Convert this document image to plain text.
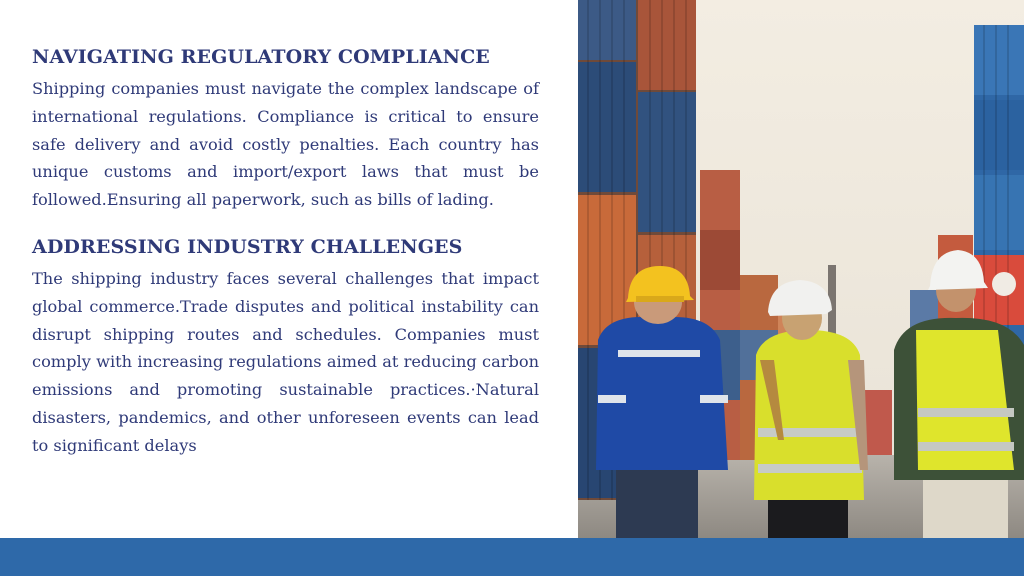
NAVIGATING REGULATORY COMPLIANCE

Shipping companies must navigate the complex landscape of international regulations. Compliance is critical to ensure safe delivery and avoid costly penalties. Each country has unique customs and import/export laws that must be followed.Ensuring all paperwork, such as bills of lading.

ADDRESSING INDUSTRY CHALLENGES

The shipping industry faces several challenges that impact global commerce.Trade disputes and political instability can disrupt shipping routes and schedules. Companies must comply with increasing regulations aimed at reducing carbon emissions and promoting sustainable practices.·Natural disasters, pandemics, and other unforeseen events can lead to significant delays
